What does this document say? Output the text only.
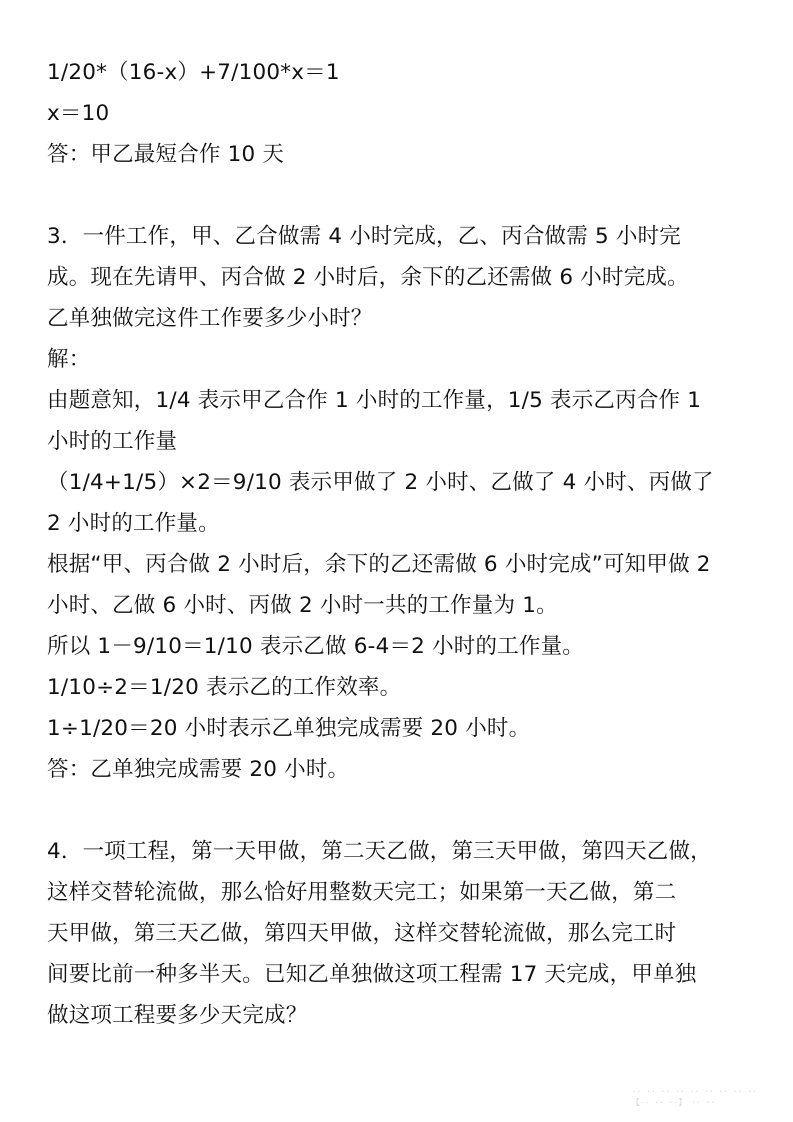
1/20*（16-x）+7/100*x＝1
x＝10
答：甲乙最短合作 10 天
3．一件工作，甲、乙合做需 4 小时完成，乙、丙合做需 5 小时完
成。现在先请甲、丙合做 2 小时后，余下的乙还需做 6 小时完成。
乙单独做完这件工作要多少小时？
解：
由题意知，1/4 表示甲乙合作 1 小时的工作量，1/5 表示乙丙合作 1
小时的工作量
（1/4+1/5）×2＝9/10 表示甲做了 2 小时、乙做了 4 小时、丙做了
2 小时的工作量。
根据“甲、丙合做 2 小时后，余下的乙还需做 6 小时完成”可知甲做 2
小时、乙做 6 小时、丙做 2 小时一共的工作量为 1。
所以 1－9/10＝1/10 表示乙做 6-4＝2 小时的工作量。
1/10÷2＝1/20 表示乙的工作效率。
1÷1/20＝20 小时表示乙单独完成需要 20 小时。
答：乙单独完成需要 20 小时。
4．一项工程，第一天甲做，第二天乙做，第三天甲做，第四天乙做，
这样交替轮流做，那么恰好用整数天完工；如果第一天乙做，第二
天甲做，第三天乙做，第四天甲做，这样交替轮流做，那么完工时
间要比前一种多半天。已知乙单独做这项工程需 17 天完成，甲单独
做这项工程要多少天完成？
·· ·· ·· ·· ·· ·· ·· ·· ··
【·· ·· ··】 ·· ··
